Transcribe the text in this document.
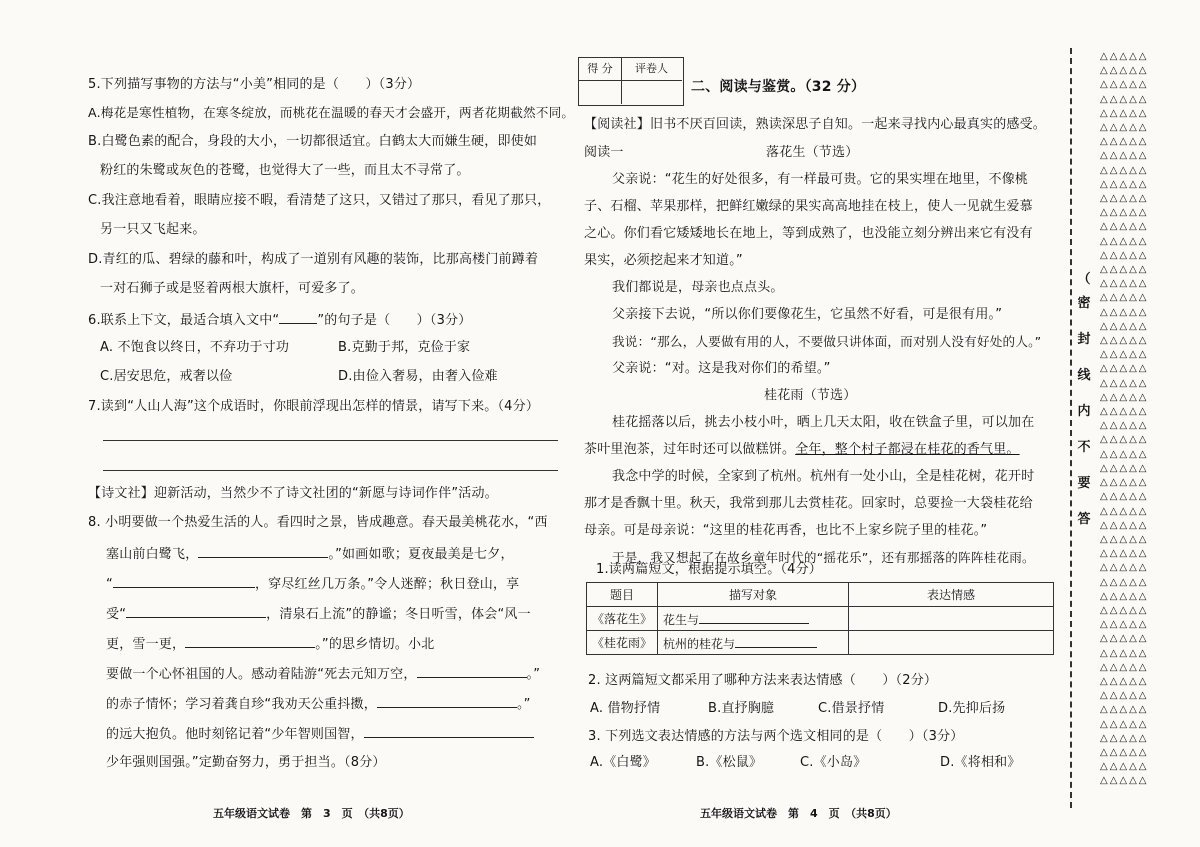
5.下列描写事物的方法与“小美”相同的是（　　）（3分）
A.梅花是寒性植物，在寒冬绽放，而桃花在温暖的春天才会盛开，两者花期截然不同。
B.白鹭色素的配合，身段的大小，一切都很适宜。白鹤太大而嫌生硬，即使如
粉红的朱鹭或灰色的苍鹭，也觉得大了一些，而且太不寻常了。
C.我注意地看着，眼睛应接不暇，看清楚了这只，又错过了那只，看见了那只，
另一只又飞起来。
D.青红的瓜、碧绿的藤和叶，构成了一道别有风趣的装饰，比那高楼门前蹲着
一对石狮子或是竖着两根大旗杆，可爱多了。
6.联系上下文，最适合填入文中“	”的句子是（　　）（3分）
A. 不饱食以终日，不弃功于寸功	B.克勤于邦，克俭于家
C.居安思危，戒奢以俭	D.由俭入奢易，由奢入俭难
7.读到“人山人海”这个成语时，你眼前浮现出怎样的情景，请写下来。（4分）
【诗文社】迎新活动，当然少不了诗文社团的“新愿与诗词作伴”活动。
8. 小明要做一个热爱生活的人。看四时之景，皆成趣意。春天最美桃花水，“西
塞山前白鹭飞，	。”如画如歌；夏夜最美是七夕，
“	，穿尽红丝几万条。”令人迷醉；秋日登山，享
受“	，清泉石上流”的静谧；冬日听雪，体会“风一
更，雪一更，	。”的思乡情切。小北
要做一个心怀祖国的人。感动着陆游“死去元知万空，	。”
的赤子情怀；学习着龚自珍“我劝天公重抖擞，	。”
的远大抱负。他时刻铭记着“少年智则国智，
少年强则国强。”定勤奋努力，勇于担当。（8分）
五年级语文试卷　第　3　页　（共8页）
得 分	评卷人
二、阅读与鉴赏。（32 分）
【阅读社】旧书不厌百回读，熟读深思子自知。一起来寻找内心最真实的感受。
阅读一	落花生（节选）
父亲说：“花生的好处很多，有一样最可贵。它的果实埋在地里，不像桃
子、石榴、苹果那样，把鲜红嫩绿的果实高高地挂在枝上，使人一见就生爱慕
之心。你们看它矮矮地长在地上，等到成熟了，也没能立刻分辨出来它有没有
果实，必须挖起来才知道。”
我们都说是，母亲也点点头。
父亲接下去说，“所以你们要像花生，它虽然不好看，可是很有用。”
我说：“那么，人要做有用的人，不要做只讲体面，而对别人没有好处的人。”
父亲说：“对。这是我对你们的希望。”
桂花雨（节选）
桂花摇落以后，挑去小枝小叶，晒上几天太阳，收在铁盒子里，可以加在
茶叶里泡茶，过年时还可以做糕饼。全年，整个村子都浸在桂花的香气里。
我念中学的时候，全家到了杭州。杭州有一处小山，全是桂花树，花开时
那才是香飘十里。秋天，我常到那儿去赏桂花。回家时，总要捡一大袋桂花给
母亲。可是母亲说：“这里的桂花再香，也比不上家乡院子里的桂花。”
于是，我又想起了在故乡童年时代的“摇花乐”，还有那摇落的阵阵桂花雨。
1.读两篇短文，根据提示填空。（4分）
题目	描写对象	表达情感
《落花生》	花生与	
《桂花雨》	杭州的桂花与	
2. 这两篇短文都采用了哪种方法来表达情感（　　）（2分）
A. 借物抒情	B.直抒胸臆	C.借景抒情	D.先抑后扬
3. 下列选文表达情感的方法与两个选文相同的是（　　）（3分）
A.《白鹭》	B.《松鼠》	C.《小岛》	D.《将相和》
五年级语文试卷　第　4　页　（共8页）
（
密
封
线
内
不
要
答
△△△△△
△△△△△
△△△△△
△△△△△
△△△△△
△△△△△
△△△△△
△△△△△
△△△△△
△△△△△
△△△△△
△△△△△
△△△△△
△△△△△
△△△△△
△△△△△
△△△△△
△△△△△
△△△△△
△△△△△
△△△△△
△△△△△
△△△△△
△△△△△
△△△△△
△△△△△
△△△△△
△△△△△
△△△△△
△△△△△
△△△△△
△△△△△
△△△△△
△△△△△
△△△△△
△△△△△
△△△△△
△△△△△
△△△△△
△△△△△
△△△△△
△△△△△
△△△△△
△△△△△
△△△△△
△△△△△
△△△△△
△△△△△
△△△△△
△△△△△
△△△△△
△△△△△
